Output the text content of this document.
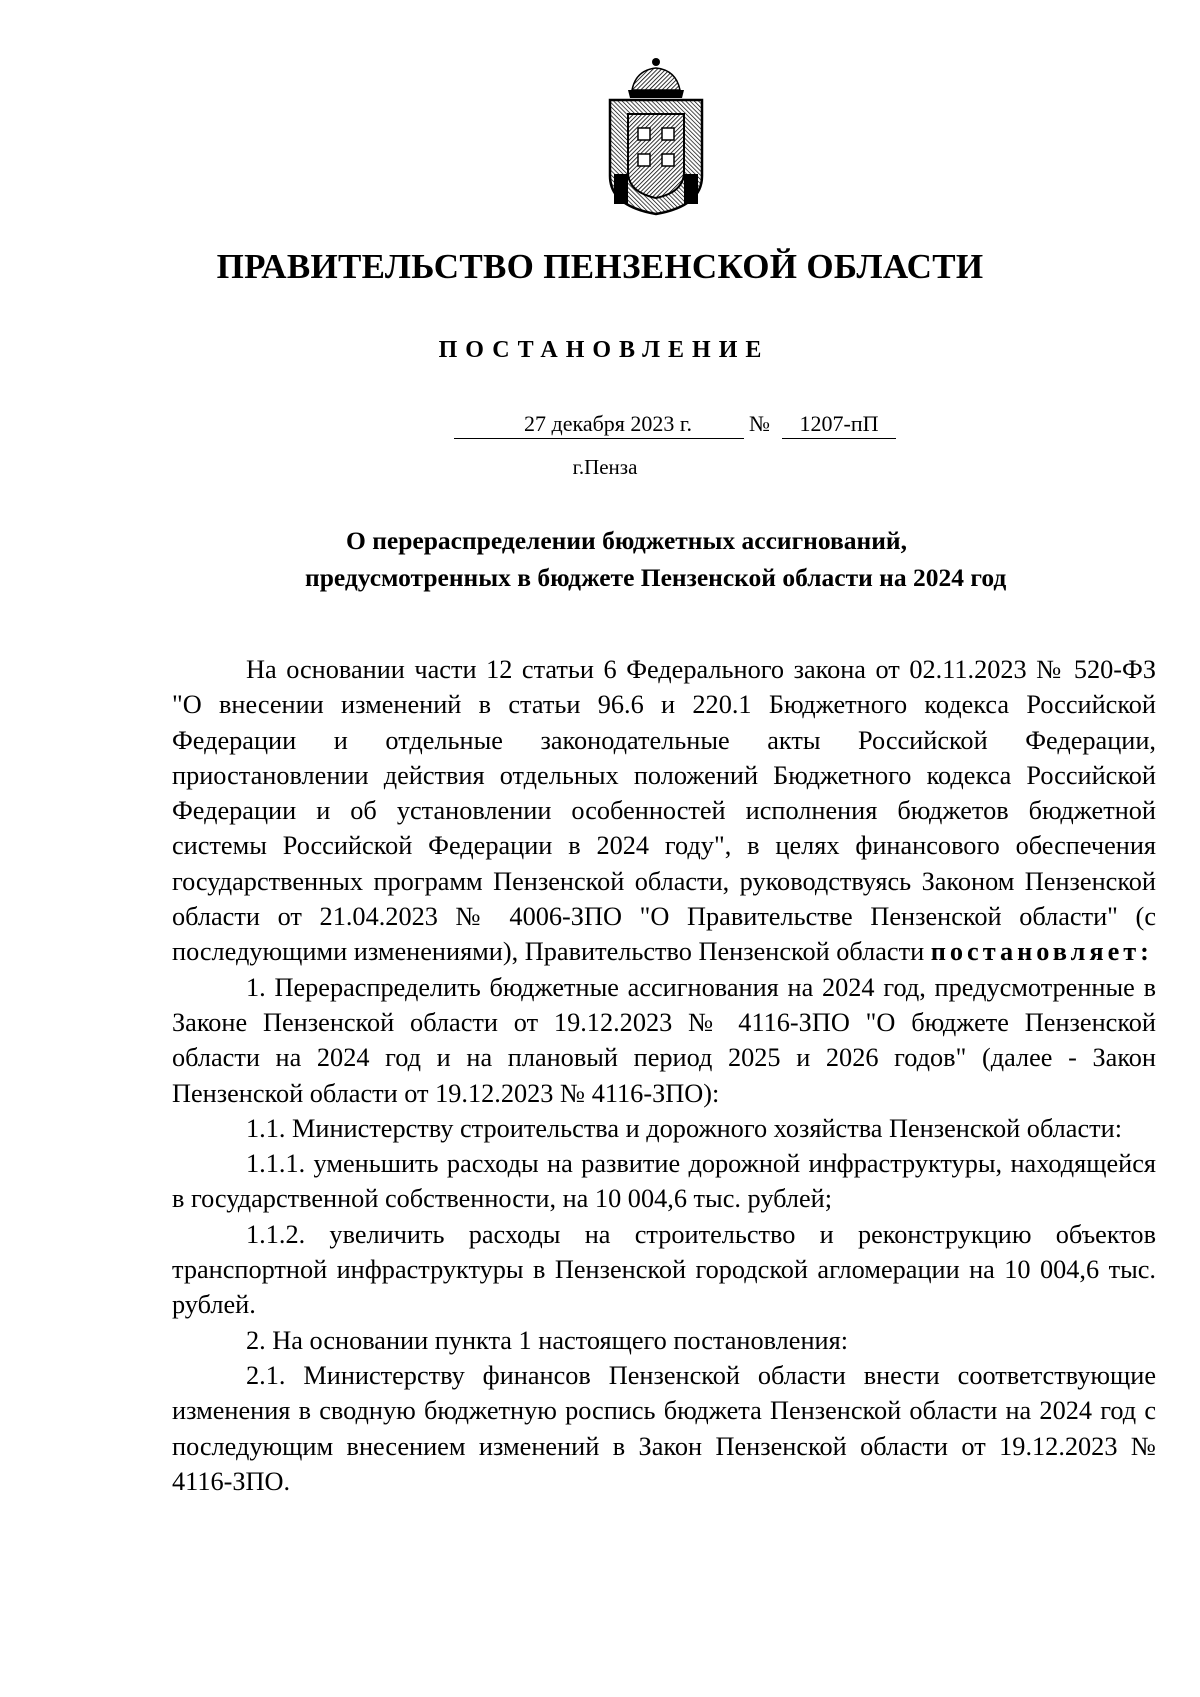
ПРАВИТЕЛЬСТВО ПЕНЗЕНСКОЙ ОБЛАСТИ
ПОСТАНОВЛЕНИЕ
27 декабря 2023 г.	№	1207-пП
г.Пенза
О перераспределении бюджетных ассигнований,
предусмотренных в бюджете Пензенской области на 2024 год

На основании части 12 статьи 6 Федерального закона от 02.11.2023 № 520-ФЗ "О внесении изменений в статьи 96.6 и 220.1 Бюджетного кодекса Российской Федерации и отдельные законодательные акты Российской Федерации, приостановлении действия отдельных положений Бюджетного кодекса Российской Федерации и об установлении особенностей исполнения бюджетов бюджетной системы Российской Федерации в 2024 году", в целях финансового обеспечения государственных программ Пензенской области, руководствуясь Законом Пензенской области от 21.04.2023 № 4006-ЗПО "О Правительстве Пензенской области" (с последующими изменениями), Правительство Пензенской области постановляет:

1. Перераспределить бюджетные ассигнования на 2024 год, предусмотренные в Законе Пензенской области от 19.12.2023 № 4116-ЗПО "О бюджете Пензенской области на 2024 год и на плановый период 2025 и 2026 годов" (далее - Закон Пензенской области от 19.12.2023 № 4116-ЗПО):

1.1. Министерству строительства и дорожного хозяйства Пензенской области:

1.1.1. уменьшить расходы на развитие дорожной инфраструктуры, находящейся в государственной собственности, на 10 004,6 тыс. рублей;

1.1.2. увеличить расходы на строительство и реконструкцию объектов транспортной инфраструктуры в Пензенской городской агломерации на 10 004,6 тыс. рублей.

2. На основании пункта 1 настоящего постановления:

2.1. Министерству финансов Пензенской области внести соответствующие изменения в сводную бюджетную роспись бюджета Пензенской области на 2024 год с последующим внесением изменений в Закон Пензенской области от 19.12.2023 № 4116-ЗПО.
